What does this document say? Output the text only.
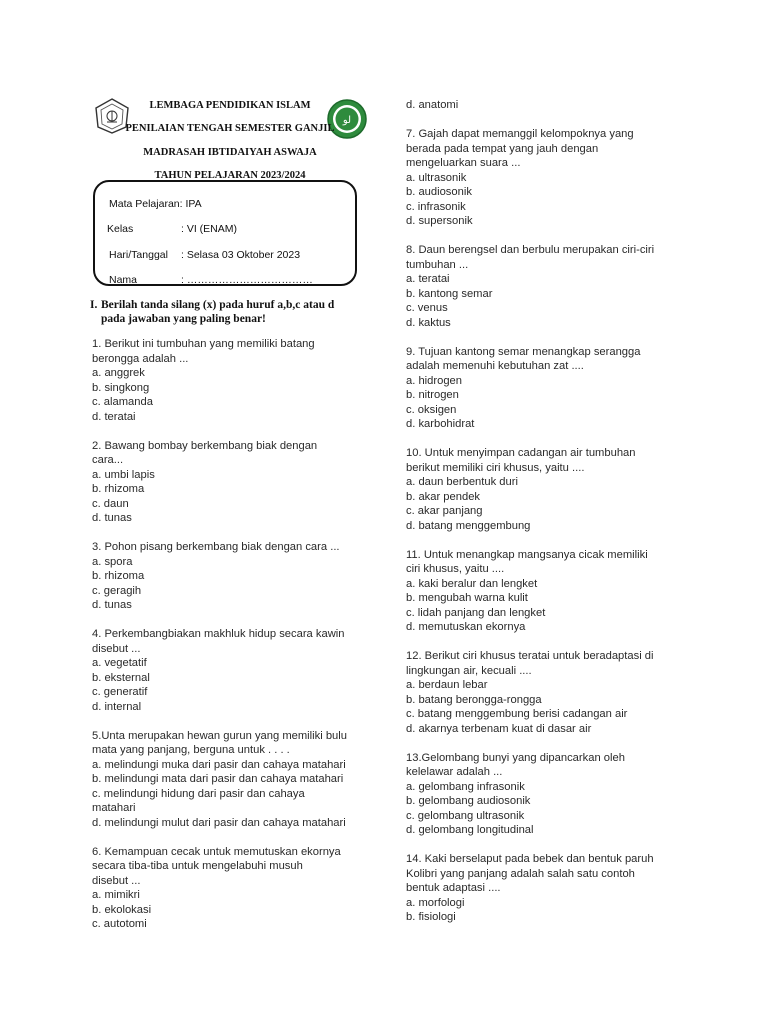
ﻟﻮ
LEMBAGA PENDIDIKAN ISLAM
PENILAIAN TENGAH SEMESTER GANJIL
MADRASAH IBTIDAIYAH ASWAJA
TAHUN PELAJARAN 2023/2024
Mata Pelajaran: IPA
Kelas	: VI (ENAM)
Hari/Tanggal : Selasa 03 Oktober 2023
Nama	: ………………………………
I. Berilah tanda silang (x) pada huruf a,b,c atau d
pada jawaban yang paling benar!
1. Berikut ini tumbuhan yang memiliki batang
berongga adalah ...
a. anggrek
b. singkong
c. alamanda
d. teratai
2. Bawang bombay berkembang biak dengan
cara...
a. umbi lapis
b. rhizoma
c. daun
d. tunas
3. Pohon pisang berkembang biak dengan cara ...
a. spora
b. rhizoma
c. geragih
d. tunas
4. Perkembangbiakan makhluk hidup secara kawin
disebut ...
a. vegetatif
b. eksternal
c. generatif
d. internal
5.Unta merupakan hewan gurun yang memiliki bulu
mata yang panjang, berguna untuk . . . .
a. melindungi muka dari pasir dan cahaya matahari
b. melindungi mata dari pasir dan cahaya matahari
c. melindungi hidung dari pasir dan cahaya
matahari
d. melindungi mulut dari pasir dan cahaya matahari
6. Kemampuan cecak untuk memutuskan ekornya
secara tiba-tiba untuk mengelabuhi musuh
disebut ...
a. mimikri
b. ekolokasi
c. autotomi
d. anatomi
7. Gajah dapat memanggil kelompoknya yang
berada pada tempat yang jauh dengan
mengeluarkan suara ...
a. ultrasonik
b. audiosonik
c. infrasonik
d. supersonik
8. Daun berengsel dan berbulu merupakan ciri-ciri
tumbuhan ...
a. teratai
b. kantong semar
c. venus
d. kaktus
9. Tujuan kantong semar menangkap serangga
adalah memenuhi kebutuhan zat ....
a. hidrogen
b. nitrogen
c. oksigen
d. karbohidrat
10. Untuk menyimpan cadangan air tumbuhan
berikut memiliki ciri khusus, yaitu ....
a. daun berbentuk duri
b. akar pendek
c. akar panjang
d. batang menggembung
11. Untuk menangkap mangsanya cicak memiliki
ciri khusus, yaitu ....
a. kaki beralur dan lengket
b. mengubah warna kulit
c. lidah panjang dan lengket
d. memutuskan ekornya
12. Berikut ciri khusus teratai untuk beradaptasi di
lingkungan air, kecuali ....
a. berdaun lebar
b. batang berongga-rongga
c. batang menggembung berisi cadangan air
d. akarnya terbenam kuat di dasar air
13.Gelombang bunyi yang dipancarkan oleh
kelelawar adalah ...
a. gelombang infrasonik
b. gelombang audiosonik
c. gelombang ultrasonik
d. gelombang longitudinal
14. Kaki berselaput pada bebek dan bentuk paruh
Kolibri yang panjang adalah salah satu contoh
bentuk adaptasi ....
a. morfologi
b. fisiologi
